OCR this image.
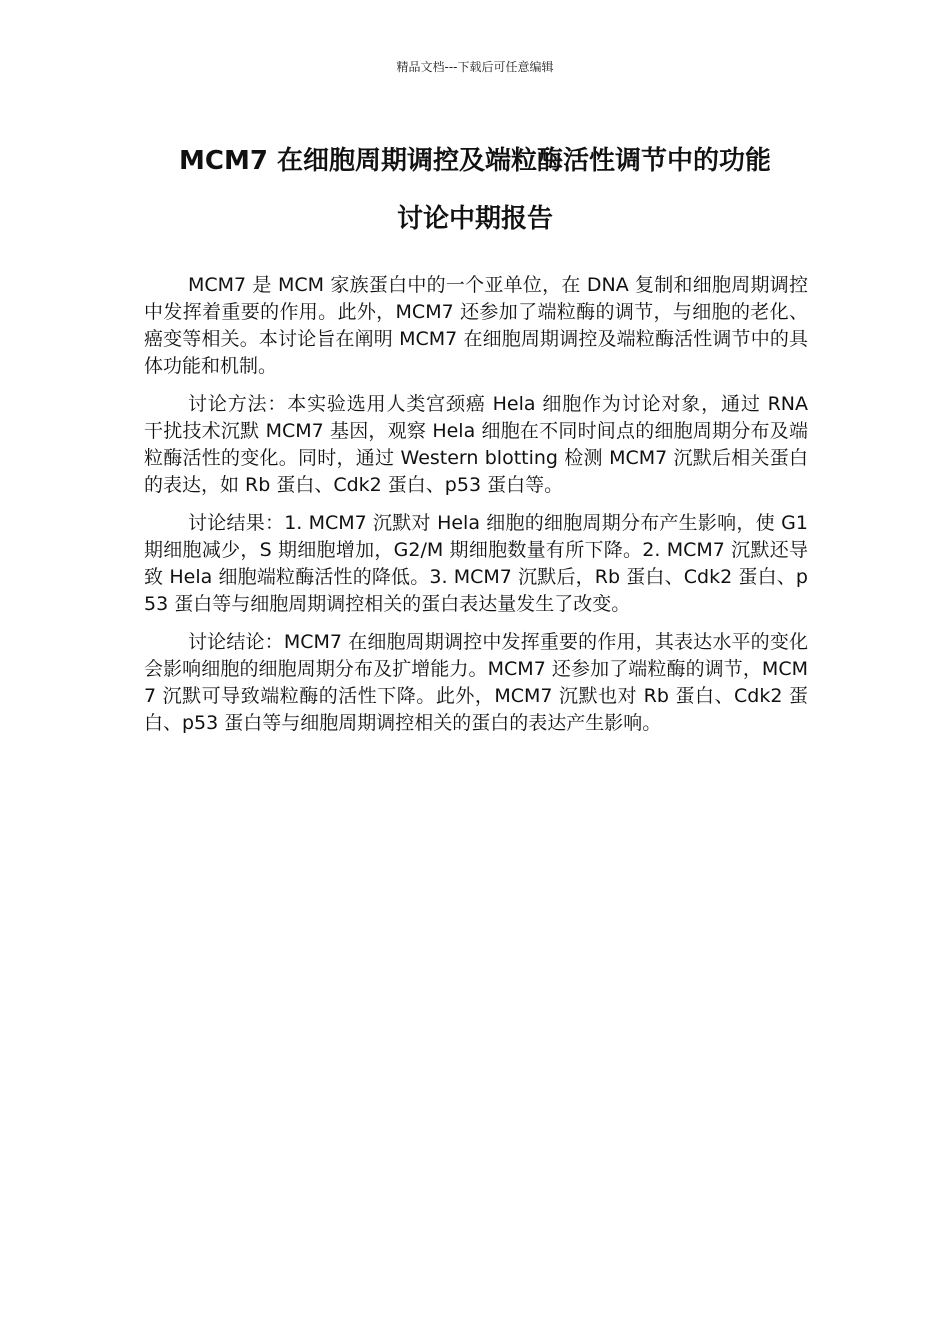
精品文档---下载后可任意编辑
MCM7 在细胞周期调控及端粒酶活性调节中的功能
讨论中期报告

MCM7 是 MCM 家族蛋白中的一个亚单位，在 DNA 复制和细胞周期调控中发挥着重要的作用。此外，MCM7 还参加了端粒酶的调节，与细胞的老化、癌变等相关。本讨论旨在阐明 MCM7 在细胞周期调控及端粒酶活性调节中的具体功能和机制。

讨论方法：本实验选用人类宫颈癌 Hela 细胞作为讨论对象，通过 RNA 干扰技术沉默 MCM7 基因，观察 Hela 细胞在不同时间点的细胞周期分布及端粒酶活性的变化。同时，通过 Western blotting 检测 MCM7 沉默后相关蛋白的表达，如 Rb 蛋白、Cdk2 蛋白、p53 蛋白等。

讨论结果：1. MCM7 沉默对 Hela 细胞的细胞周期分布产生影响，使 G1 期细胞减少，S 期细胞增加，G2/M 期细胞数量有所下降。2. MCM7 沉默还导致 Hela 细胞端粒酶活性的降低。3. MCM7 沉默后，Rb 蛋白、Cdk2 蛋白、p53 蛋白等与细胞周期调控相关的蛋白表达量发生了改变。

讨论结论：MCM7 在细胞周期调控中发挥重要的作用，其表达水平的变化会影响细胞的细胞周期分布及扩增能力。MCM7 还参加了端粒酶的调节，MCM7 沉默可导致端粒酶的活性下降。此外，MCM7 沉默也对 Rb 蛋白、Cdk2 蛋白、p53 蛋白等与细胞周期调控相关的蛋白的表达产生影响。
